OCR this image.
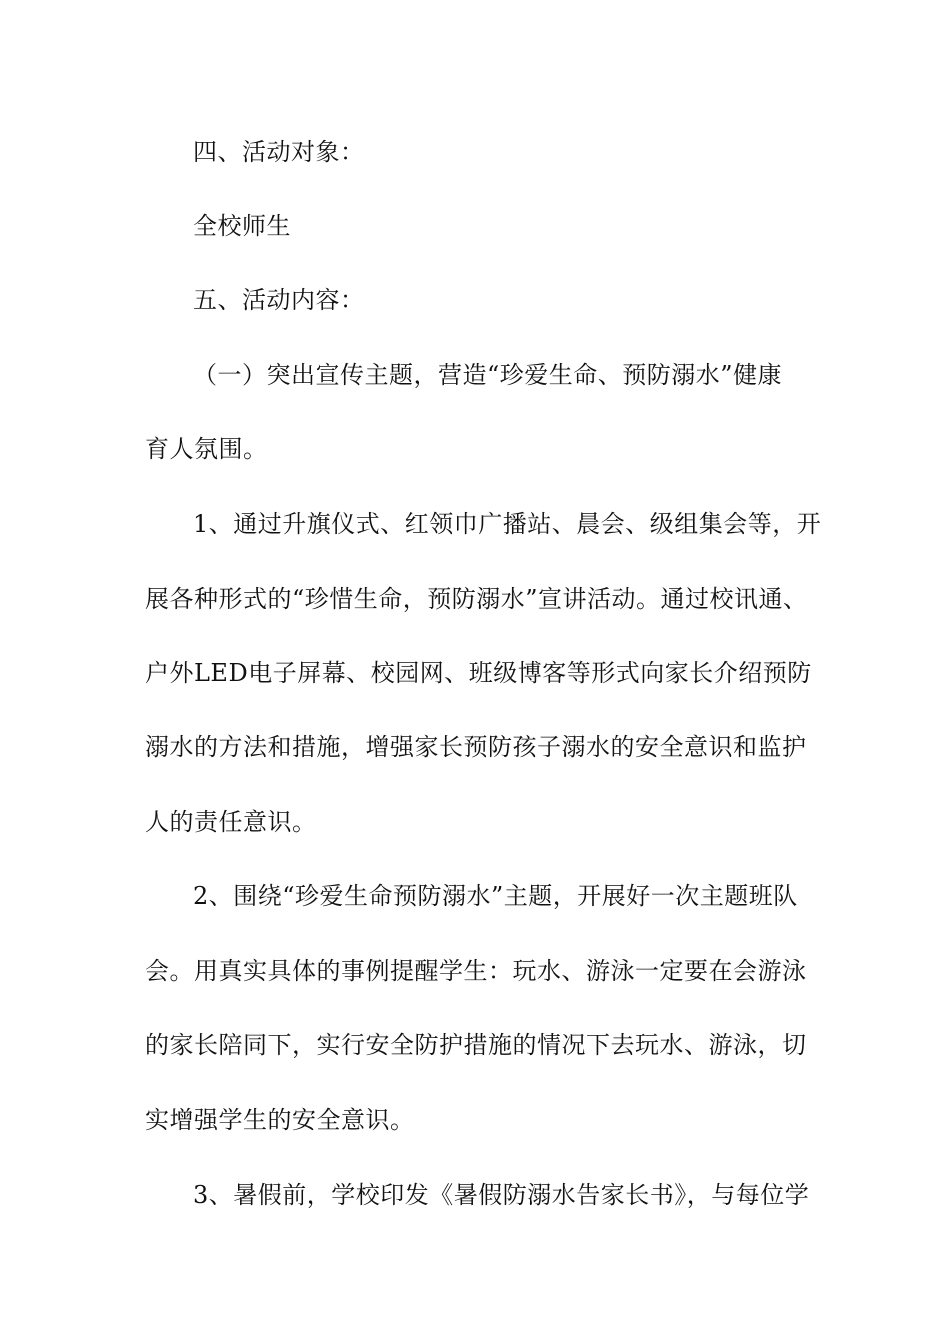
四、活动对象：
全校师生
五、活动内容：
（一）突出宣传主题，营造“珍爱生命、预防溺水”健康
育人氛围。
1、通过升旗仪式、红领巾广播站、晨会、级组集会等，开
展各种形式的“珍惜生命，预防溺水”宣讲活动。通过校讯通、
户外LED电子屏幕、校园网、班级博客等形式向家长介绍预防
溺水的方法和措施，增强家长预防孩子溺水的安全意识和监护
人的责任意识。
2、围绕“珍爱生命预防溺水”主题，开展好一次主题班队
会。用真实具体的事例提醒学生：玩水、游泳一定要在会游泳
的家长陪同下，实行安全防护措施的情况下去玩水、游泳，切
实增强学生的安全意识。
3、暑假前，学校印发《暑假防溺水告家长书》，与每位学
